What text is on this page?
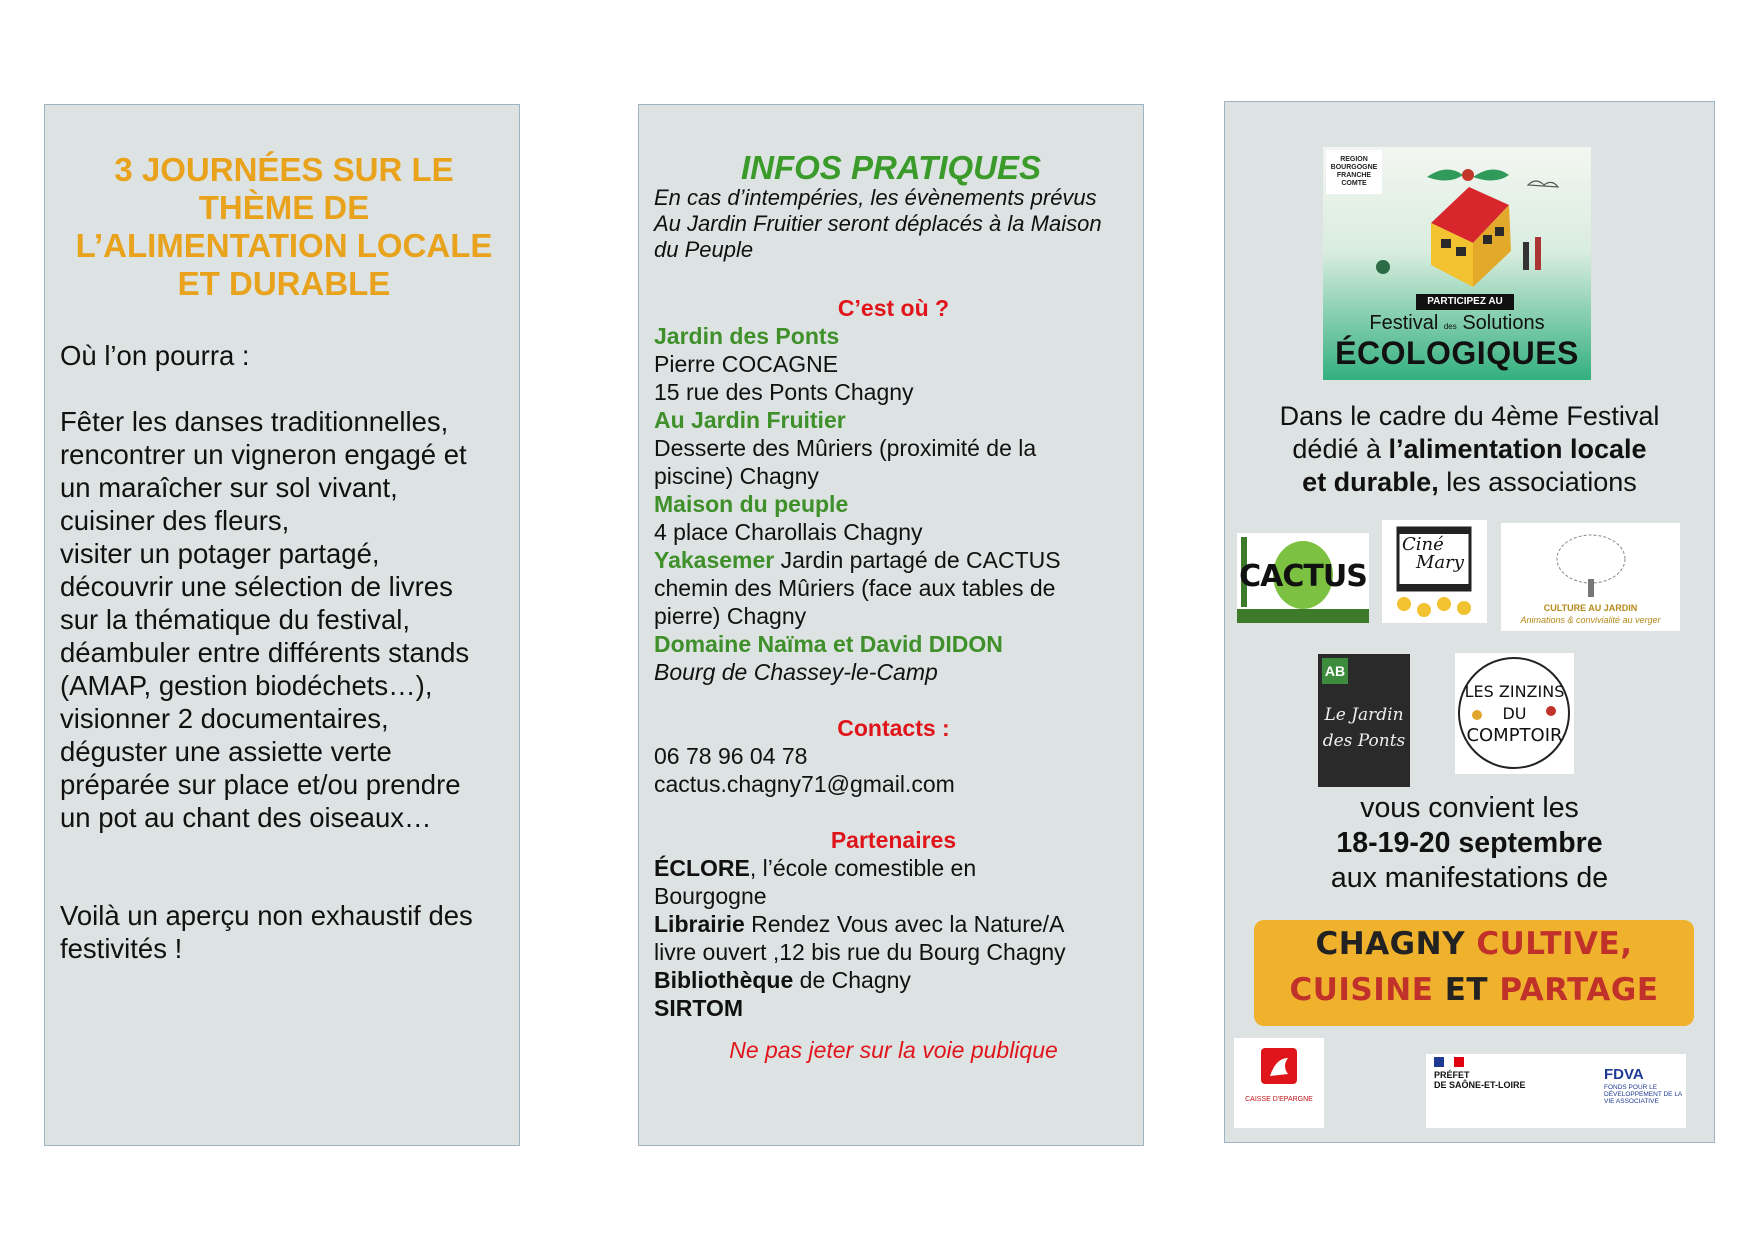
3 JOURNÉES SUR LE
THÈME DE
L’ALIMENTATION LOCALE
ET DURABLE

Où l’on pourra :

Fêter les danses traditionnelles,

rencontrer un vigneron engagé et

un maraîcher sur sol vivant,

cuisiner des fleurs,

visiter un potager partagé,

découvrir une sélection de livres

sur la thématique du festival,

déambuler entre différents stands

(AMAP, gestion biodéchets…),

visionner 2 documentaires,

déguster une assiette verte

préparée sur place et/ou prendre

un pot au chant des oiseaux…

Voilà un aperçu non exhaustif des

festivités !

INFOS PRATIQUES
En cas d’intempéries, les évènements prévus
Au Jardin Fruitier seront déplacés à la Maison
du Peuple
C’est où ?
Jardin des Ponts
Pierre COCAGNE
15 rue des Ponts Chagny
Au Jardin Fruitier
Desserte des Mûriers (proximité de la
piscine) Chagny
Maison du peuple
4 place Charollais Chagny
Yakasemer Jardin partagé de CACTUS
chemin des Mûriers (face aux tables de
pierre) Chagny
Domaine Naïma et David DIDON
Bourg de Chassey-le-Camp
Contacts :
06 78 96 04 78
cactus.chagny71@gmail.com
Partenaires
ÉCLORE, l’école comestible en
Bourgogne
Librairie Rendez Vous avec la Nature/A
livre ouvert ,12 bis rue du Bourg Chagny
Bibliothèque de Chagny
SIRTOM
Ne pas jeter sur la voie publique
REGION
BOURGOGNE
FRANCHE
COMTE
PARTICIPEZ AU
Festival des Solutions
ÉCOLOGIQUES
Dans le cadre du 4ème Festival
dédié à l’alimentation locale
et durable, les associations
CACTUS
Ciné
Mary
CULTURE AU JARDIN
Animations & convivialité au verger
AB
Le Jardin
des Ponts
LES ZINZINS
DU
COMPTOIR
vous convient les
18-19-20 septembre
aux manifestations de
CHAGNY CULTIVE,
CUISINE ET PARTAGE
CAISSE D'EPARGNE
PRÉFET
DE SAÔNE-ET-LOIRE
FDVA
FONDS POUR LE DÉVELOPPEMENT DE LA VIE ASSOCIATIVE
